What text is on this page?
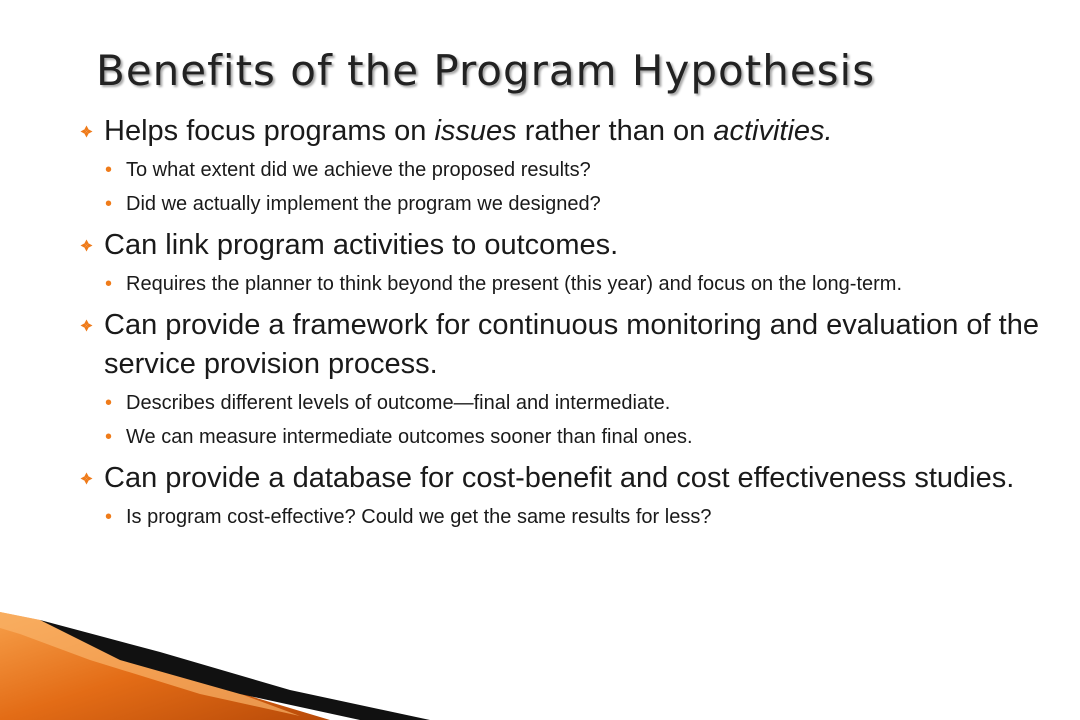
Benefits of the Program Hypothesis
Helps focus programs on issues rather than on activities.
• To what extent did we achieve the proposed results?
• Did we actually implement the program we designed?
Can link program activities to outcomes.
• Requires the planner to think beyond the present (this year) and focus on the long-term.
Can provide a framework for continuous monitoring and evaluation of the service provision process.
• Describes different levels of outcome—final and intermediate.
• We can measure intermediate outcomes sooner than final ones.
Can provide a database for cost-benefit and cost effectiveness studies.
• Is program cost-effective? Could we get the same results for less?
